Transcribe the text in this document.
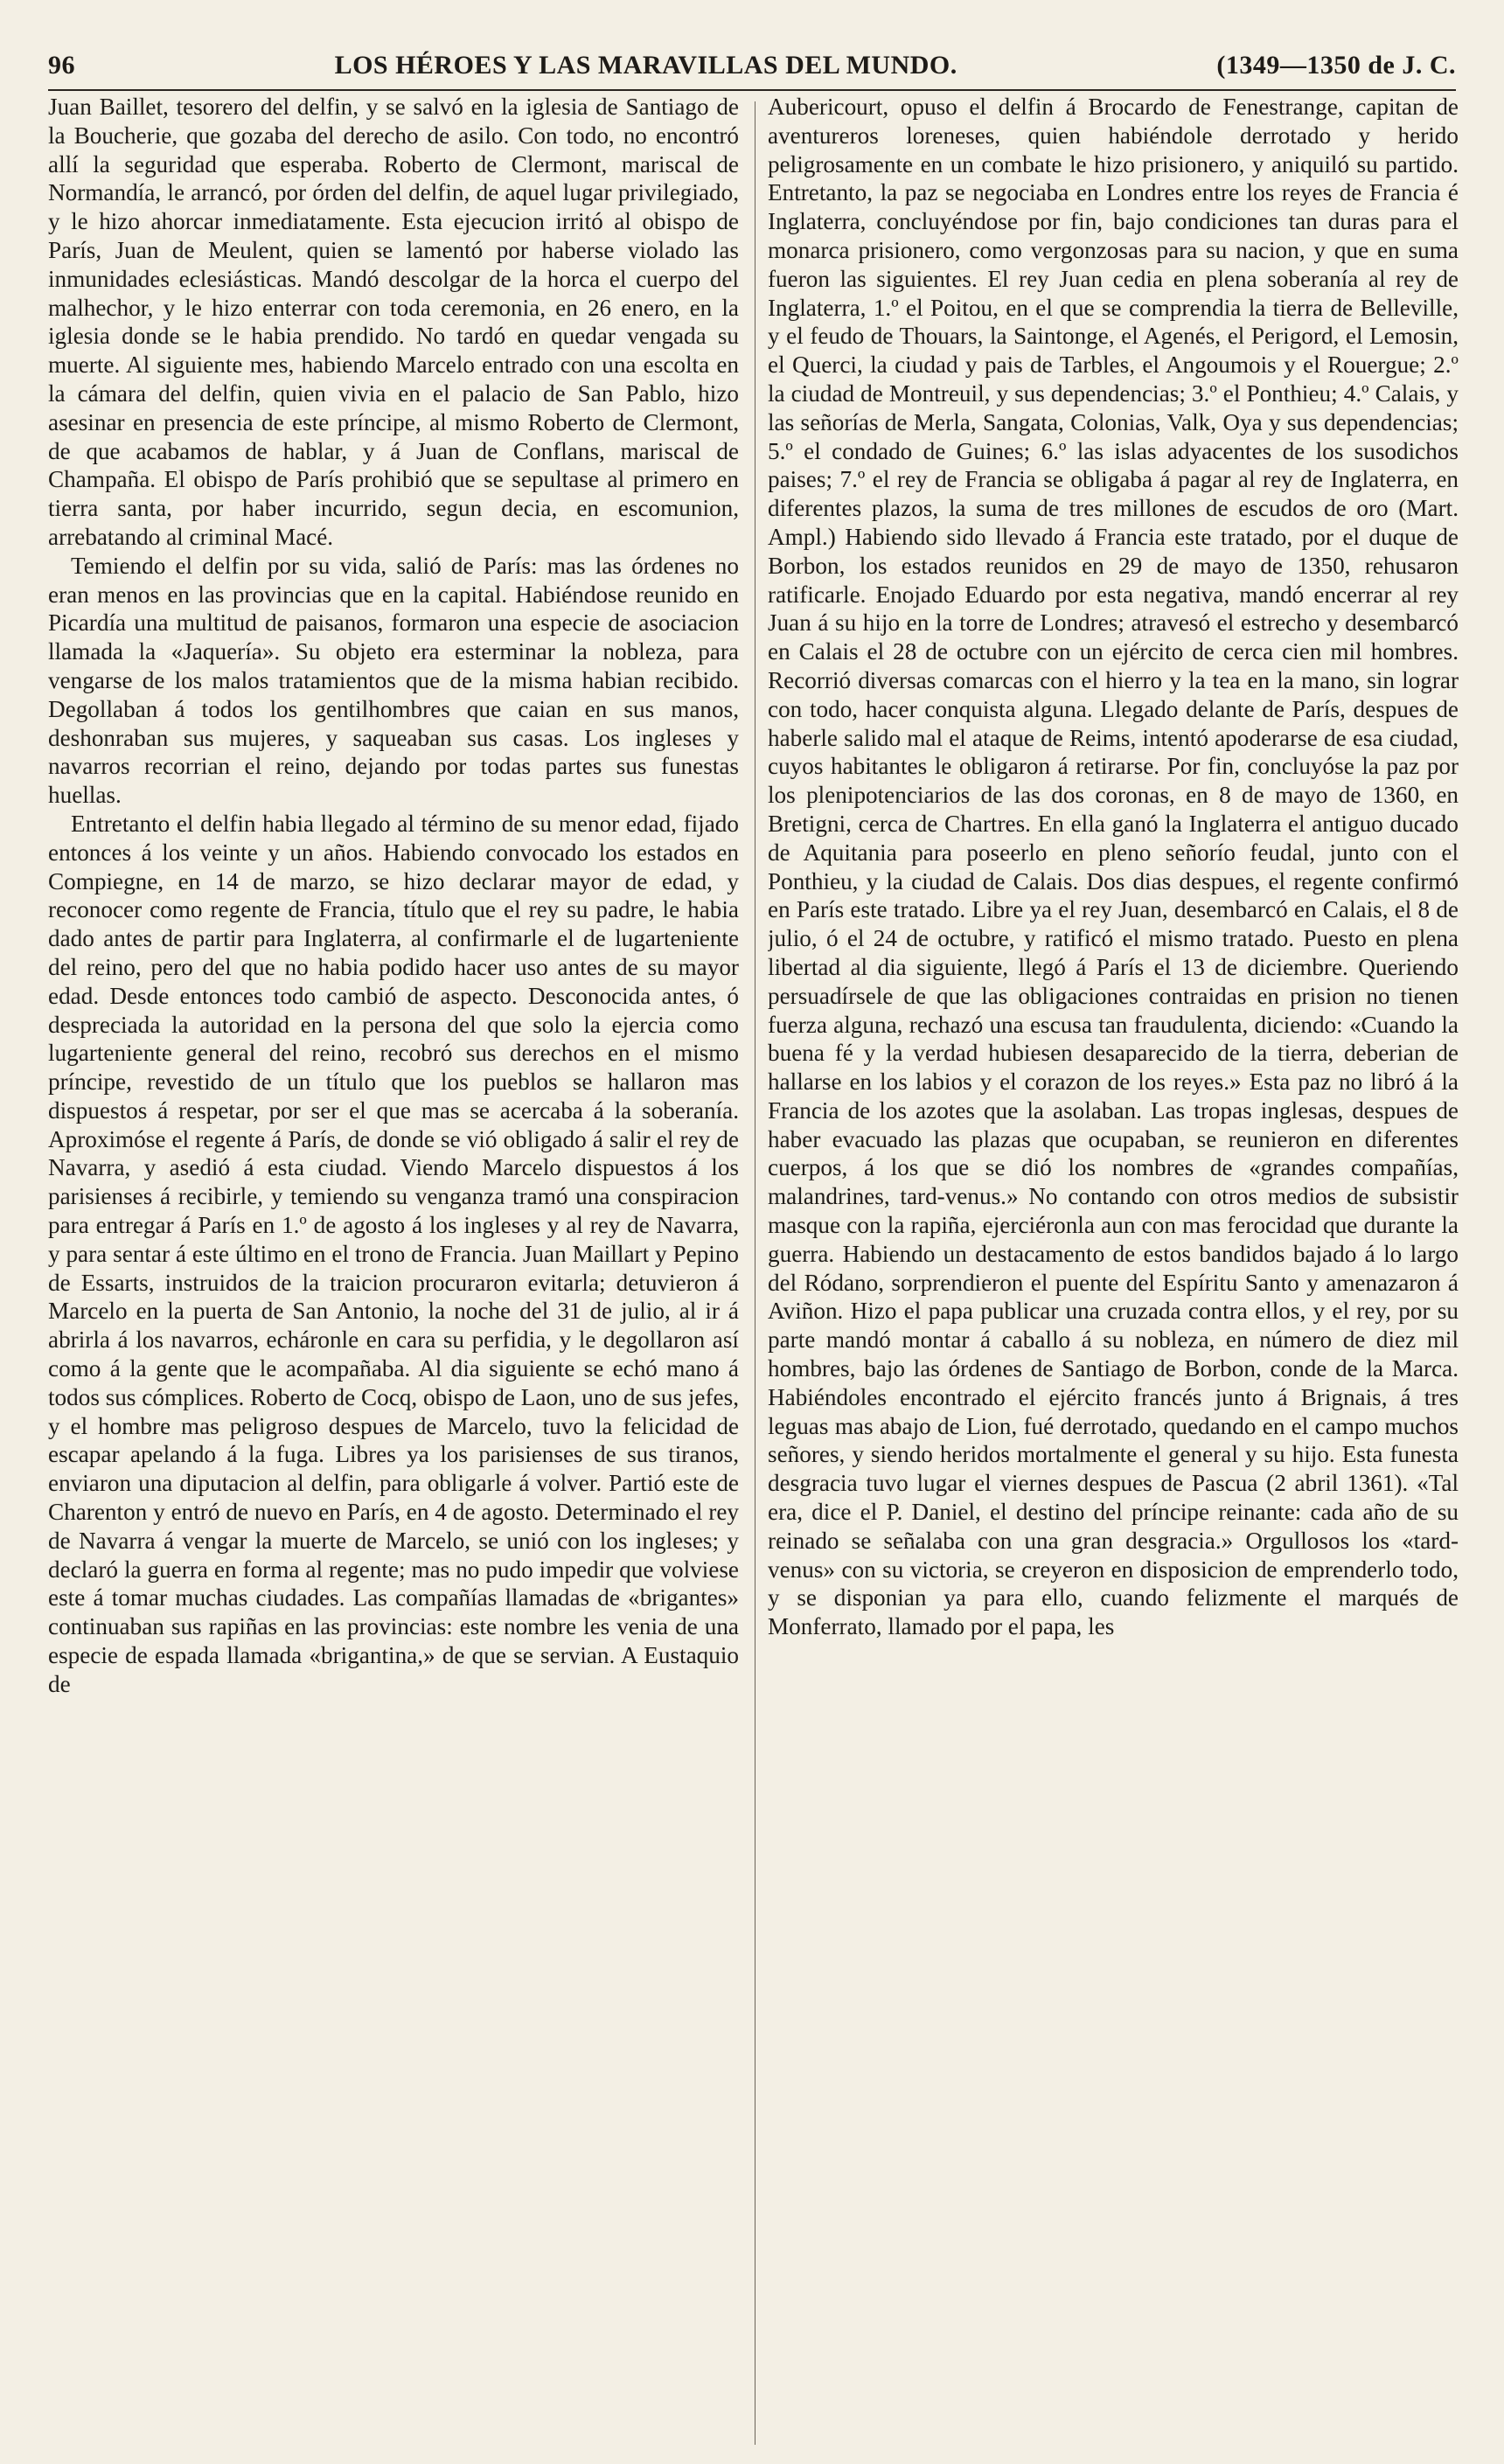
96	LOS HÉROES Y LAS MARAVILLAS DEL MUNDO.	(1349—1350 de J. C.

Juan Baillet, tesorero del delfin, y se salvó en la iglesia de Santiago de la Boucherie, que gozaba del derecho de asilo. Con todo, no encontró allí la seguridad que esperaba. Roberto de Clermont, mariscal de Normandía, le arrancó, por órden del delfin, de aquel lugar privilegiado, y le hizo ahorcar inmediatamente. Esta ejecucion irritó al obispo de París, Juan de Meulent, quien se lamentó por haberse violado las inmunidades eclesiásticas. Mandó descolgar de la horca el cuerpo del malhechor, y le hizo enterrar con toda ceremonia, en 26 enero, en la iglesia donde se le habia prendido. No tardó en quedar vengada su muerte. Al siguiente mes, habiendo Marcelo entrado con una escolta en la cámara del delfin, quien vivia en el palacio de San Pablo, hizo asesinar en presencia de este príncipe, al mismo Roberto de Clermont, de que acabamos de hablar, y á Juan de Conflans, mariscal de Champaña. El obispo de París prohibió que se sepultase al primero en tierra santa, por haber incurrido, segun decia, en escomunion, arrebatando al criminal Macé.

Temiendo el delfin por su vida, salió de París: mas las órdenes no eran menos en las provincias que en la capital. Habiéndose reunido en Picardía una multitud de paisanos, formaron una especie de asociacion llamada la «Jaquería». Su objeto era esterminar la nobleza, para vengarse de los malos tratamientos que de la misma habian recibido. Degollaban á todos los gentilhombres que caian en sus manos, deshonraban sus mujeres, y saqueaban sus casas. Los ingleses y navarros recorrian el reino, dejando por todas partes sus funestas huellas.

Entretanto el delfin habia llegado al término de su menor edad, fijado entonces á los veinte y un años. Habiendo convocado los estados en Compiegne, en 14 de marzo, se hizo declarar mayor de edad, y reconocer como regente de Francia, título que el rey su padre, le habia dado antes de partir para Inglaterra, al confirmarle el de lugarteniente del reino, pero del que no habia podido hacer uso antes de su mayor edad. Desde entonces todo cambió de aspecto. Desconocida antes, ó despreciada la autoridad en la persona del que solo la ejercia como lugarteniente general del reino, recobró sus derechos en el mismo príncipe, revestido de un título que los pueblos se hallaron mas dispuestos á respetar, por ser el que mas se acercaba á la soberanía. Aproximóse el regente á París, de donde se vió obligado á salir el rey de Navarra, y asedió á esta ciudad. Viendo Marcelo dispuestos á los parisienses á recibirle, y temiendo su venganza tramó una conspiracion para entregar á París en 1.º de agosto á los ingleses y al rey de Navarra, y para sentar á este último en el trono de Francia. Juan Maillart y Pepino de Essarts, instruidos de la traicion procuraron evitarla; detuvieron á Marcelo en la puerta de San Antonio, la noche del 31 de julio, al ir á abrirla á los navarros, echáronle en cara su perfidia, y le degollaron así como á la gente que le acompañaba. Al dia siguiente se echó mano á todos sus cómplices. Roberto de Cocq, obispo de Laon, uno de sus jefes, y el hombre mas peligroso despues de Marcelo, tuvo la felicidad de escapar apelando á la fuga. Libres ya los parisienses de sus tiranos, enviaron una diputacion al delfin, para obligarle á volver. Partió este de Charenton y entró de nuevo en París, en 4 de agosto. Determinado el rey de Navarra á vengar la muerte de Marcelo, se unió con los ingleses; y declaró la guerra en forma al regente; mas no pudo impedir que volviese este á tomar muchas ciudades. Las compañías llamadas de «brigantes» continuaban sus rapiñas en las provincias: este nombre les venia de una especie de espada llamada «brigantina,» de que se servian. A Eustaquio de

Aubericourt, opuso el delfin á Brocardo de Fenestrange, capitan de aventureros loreneses, quien habiéndole derrotado y herido peligrosamente en un combate le hizo prisionero, y aniquiló su partido. Entretanto, la paz se negociaba en Londres entre los reyes de Francia é Inglaterra, concluyéndose por fin, bajo condiciones tan duras para el monarca prisionero, como vergonzosas para su nacion, y que en suma fueron las siguientes. El rey Juan cedia en plena soberanía al rey de Inglaterra, 1.º el Poitou, en el que se comprendia la tierra de Belleville, y el feudo de Thouars, la Saintonge, el Agenés, el Perigord, el Lemosin, el Querci, la ciudad y pais de Tarbles, el Angoumois y el Rouergue; 2.º la ciudad de Montreuil, y sus dependencias; 3.º el Ponthieu; 4.º Calais, y las señorías de Merla, Sangata, Colonias, Valk, Oya y sus dependencias; 5.º el condado de Guines; 6.º las islas adyacentes de los susodichos paises; 7.º el rey de Francia se obligaba á pagar al rey de Inglaterra, en diferentes plazos, la suma de tres millones de escudos de oro (Mart. Ampl.) Habiendo sido llevado á Francia este tratado, por el duque de Borbon, los estados reunidos en 29 de mayo de 1350, rehusaron ratificarle. Enojado Eduardo por esta negativa, mandó encerrar al rey Juan á su hijo en la torre de Londres; atravesó el estrecho y desembarcó en Calais el 28 de octubre con un ejército de cerca cien mil hombres. Recorrió diversas comarcas con el hierro y la tea en la mano, sin lograr con todo, hacer conquista alguna. Llegado delante de París, despues de haberle salido mal el ataque de Reims, intentó apoderarse de esa ciudad, cuyos habitantes le obligaron á retirarse. Por fin, concluyóse la paz por los plenipotenciarios de las dos coronas, en 8 de mayo de 1360, en Bretigni, cerca de Chartres. En ella ganó la Inglaterra el antiguo ducado de Aquitania para poseerlo en pleno señorío feudal, junto con el Ponthieu, y la ciudad de Calais. Dos dias despues, el regente confirmó en París este tratado. Libre ya el rey Juan, desembarcó en Calais, el 8 de julio, ó el 24 de octubre, y ratificó el mismo tratado. Puesto en plena libertad al dia siguiente, llegó á París el 13 de diciembre. Queriendo persuadírsele de que las obligaciones contraidas en prision no tienen fuerza alguna, rechazó una escusa tan fraudulenta, diciendo: «Cuando la buena fé y la verdad hubiesen desaparecido de la tierra, deberian de hallarse en los labios y el corazon de los reyes.» Esta paz no libró á la Francia de los azotes que la asolaban. Las tropas inglesas, despues de haber evacuado las plazas que ocupaban, se reunieron en diferentes cuerpos, á los que se dió los nombres de «grandes compañías, malandrines, tard-venus.» No contando con otros medios de subsistir masque con la rapiña, ejerciéronla aun con mas ferocidad que durante la guerra. Habiendo un destacamento de estos bandidos bajado á lo largo del Ródano, sorprendieron el puente del Espíritu Santo y amenazaron á Aviñon. Hizo el papa publicar una cruzada contra ellos, y el rey, por su parte mandó montar á caballo á su nobleza, en número de diez mil hombres, bajo las órdenes de Santiago de Borbon, conde de la Marca. Habiéndoles encontrado el ejército francés junto á Brignais, á tres leguas mas abajo de Lion, fué derrotado, quedando en el campo muchos señores, y siendo heridos mortalmente el general y su hijo. Esta funesta desgracia tuvo lugar el viernes despues de Pascua (2 abril 1361). «Tal era, dice el P. Daniel, el destino del príncipe reinante: cada año de su reinado se señalaba con una gran desgracia.» Orgullosos los «tard-venus» con su victoria, se creyeron en disposicion de emprenderlo todo, y se disponian ya para ello, cuando felizmente el marqués de Monferrato, llamado por el papa, les
